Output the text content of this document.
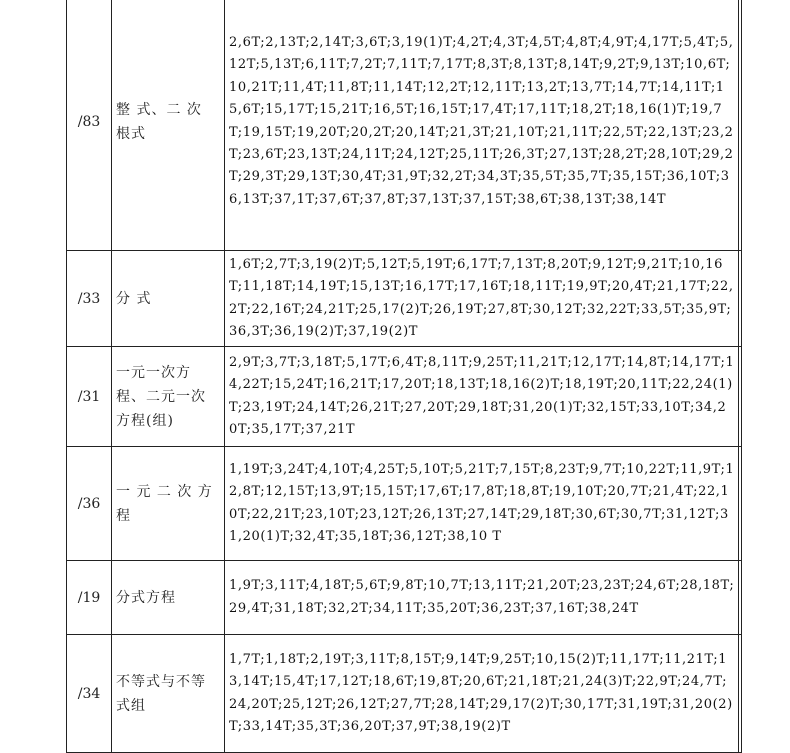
/83	整 式、二 次 根式	2,6T;2,13T;2,14T;3,6T;3,19(1)T;4,2T;4,3T;4,5T;4,8T;4,9T;4,17T;5,4T;5,12T;5,13T;6,11T;7,2T;7,11T;7,17T;8,3T;8,13T;8,14T;9,2T;9,13T;10,6T;10,21T;11,4T;11,8T;11,14T;12,2T;12,11T;13,2T;13,7T;14,7T;14,11T;15,6T;15,17T;15,21T;16,5T;16,15T;17,4T;17,11T;18,2T;18,16(1)T;19,7T;19,15T;19,20T;20,2T;20,14T;21,3T;21,10T;21,11T;22,5T;22,13T;23,2T;23,6T;23,13T;24,11T;24,12T;25,11T;26,3T;27,13T;28,2T;28,10T;29,2T;29,3T;29,13T;30,4T;31,9T;32,2T;34,3T;35,5T;35,7T;35,15T;36,10T;36,13T;37,1T;37,6T;37,8T;37,13T;37,15T;38,6T;38,13T;38,14T	
/33	分 式	1,6T;2,7T;3,19(2)T;5,12T;5,19T;6,17T;7,13T;8,20T;9,12T;9,21T;10,16T;11,18T;14,19T;15,13T;16,17T;17,16T;18,11T;19,9T;20,4T;21,17T;22,2T;22,16T;24,21T;25,17(2)T;26,19T;27,8T;30,12T;32,22T;33,5T;35,9T;36,3T;36,19(2)T;37,19(2)T	
/31	一元一次方程、二元一次方程(组)	2,9T;3,7T;3,18T;5,17T;6,4T;8,11T;9,25T;11,21T;12,17T;14,8T;14,17T;14,22T;15,24T;16,21T;17,20T;18,13T;18,16(2)T;18,19T;20,11T;22,24(1)T;23,19T;24,14T;26,21T;27,20T;29,18T;31,20(1)T;32,15T;33,10T;34,20T;35,17T;37,21T	
/36	一 元 二 次 方程	1,19T;3,24T;4,10T;4,25T;5,10T;5,21T;7,15T;8,23T;9,7T;10,22T;11,9T;12,8T;12,15T;13,9T;15,15T;17,6T;17,8T;18,8T;19,10T;20,7T;21,4T;22,10T;22,21T;23,10T;23,12T;26,13T;27,14T;29,18T;30,6T;30,7T;31,12T;31,20(1)T;32,4T;35,18T;36,12T;38,10 T	
/19	分式方程	1,9T;3,11T;4,18T;5,6T;9,8T;10,7T;13,11T;21,20T;23,23T;24,6T;28,18T;29,4T;31,18T;32,2T;34,11T;35,20T;36,23T;37,16T;38,24T	
/34	不等式与不等式组	1,7T;1,18T;2,19T;3,11T;8,15T;9,14T;9,25T;10,15(2)T;11,17T;11,21T;13,14T;15,4T;17,12T;18,6T;19,8T;20,6T;21,18T;21,24(3)T;22,9T;24,7T;24,20T;25,12T;26,12T;27,7T;28,14T;29,17(2)T;30,17T;31,19T;31,20(2)T;33,14T;35,3T;36,20T;37,9T;38,19(2)T	
